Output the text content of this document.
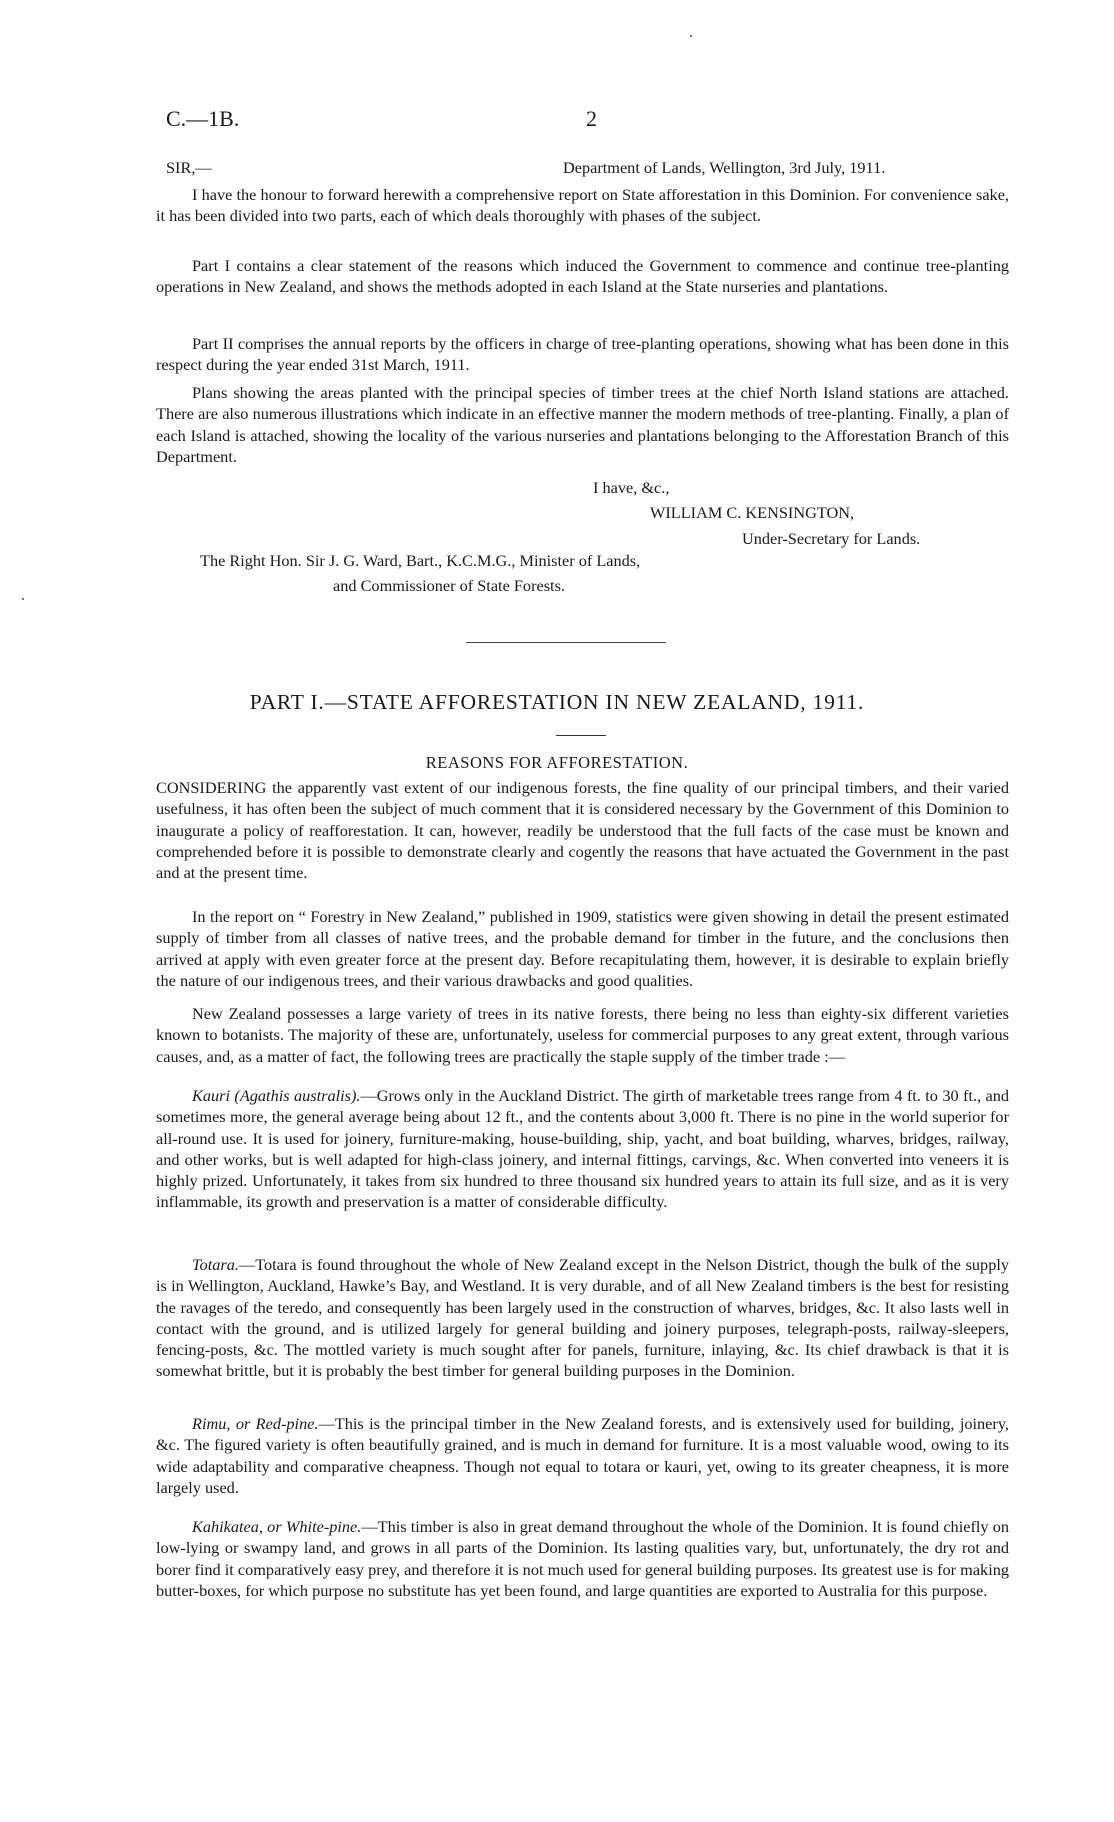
C.—1B.	2
SIR,—	Department of Lands, Wellington, 3rd July, 1911.

I have the honour to forward herewith a comprehensive report on State afforestation in this Dominion. For convenience sake, it has been divided into two parts, each of which deals thoroughly with phases of the subject.

Part I contains a clear statement of the reasons which induced the Government to commence and continue tree-planting operations in New Zealand, and shows the methods adopted in each Island at the State nurseries and plantations.

Part II comprises the annual reports by the officers in charge of tree-planting operations, showing what has been done in this respect during the year ended 31st March, 1911.

Plans showing the areas planted with the principal species of timber trees at the chief North Island stations are attached. There are also numerous illustrations which indicate in an effective manner the modern methods of tree-planting. Finally, a plan of each Island is attached, showing the locality of the various nurseries and plantations belonging to the Afforestation Branch of this Department.

I have, &c.,
WILLIAM C. KENSINGTON,
Under-Secretary for Lands.
The Right Hon. Sir J. G. Ward, Bart., K.C.M.G., Minister of Lands,
and Commissioner of State Forests.
PART I.—STATE AFFORESTATION IN NEW ZEALAND, 1911.
REASONS FOR AFFORESTATION.

CONSIDERING the apparently vast extent of our indigenous forests, the fine quality of our principal timbers, and their varied usefulness, it has often been the subject of much comment that it is considered necessary by the Government of this Dominion to inaugurate a policy of reafforestation. It can, however, readily be understood that the full facts of the case must be known and comprehended before it is possible to demonstrate clearly and cogently the reasons that have actuated the Government in the past and at the present time.

In the report on “ Forestry in New Zealand,” published in 1909, statistics were given showing in detail the present estimated supply of timber from all classes of native trees, and the probable demand for timber in the future, and the conclusions then arrived at apply with even greater force at the present day. Before recapitulating them, however, it is desirable to explain briefly the nature of our indigenous trees, and their various drawbacks and good qualities.

New Zealand possesses a large variety of trees in its native forests, there being no less than eighty-six different varieties known to botanists. The majority of these are, unfortunately, useless for commercial purposes to any great extent, through various causes, and, as a matter of fact, the following trees are practically the staple supply of the timber trade :—

Kauri (Agathis australis).—Grows only in the Auckland District. The girth of marketable trees range from 4 ft. to 30 ft., and sometimes more, the general average being about 12 ft., and the contents about 3,000 ft. There is no pine in the world superior for all-round use. It is used for joinery, furniture-making, house-building, ship, yacht, and boat building, wharves, bridges, railway, and other works, but is well adapted for high-class joinery, and internal fittings, carvings, &c. When converted into veneers it is highly prized. Unfortunately, it takes from six hundred to three thousand six hundred years to attain its full size, and as it is very inflammable, its growth and preservation is a matter of considerable difficulty.

Totara.—Totara is found throughout the whole of New Zealand except in the Nelson District, though the bulk of the supply is in Wellington, Auckland, Hawke’s Bay, and Westland. It is very durable, and of all New Zealand timbers is the best for resisting the ravages of the teredo, and consequently has been largely used in the construction of wharves, bridges, &c. It also lasts well in contact with the ground, and is utilized largely for general building and joinery purposes, telegraph-posts, railway-sleepers, fencing-posts, &c. The mottled variety is much sought after for panels, furniture, inlaying, &c. Its chief drawback is that it is somewhat brittle, but it is probably the best timber for general building purposes in the Dominion.

Rimu, or Red-pine.—This is the principal timber in the New Zealand forests, and is extensively used for building, joinery, &c. The figured variety is often beautifully grained, and is much in demand for furniture. It is a most valuable wood, owing to its wide adaptability and comparative cheapness. Though not equal to totara or kauri, yet, owing to its greater cheapness, it is more largely used.

Kahikatea, or White-pine.—This timber is also in great demand throughout the whole of the Dominion. It is found chiefly on low-lying or swampy land, and grows in all parts of the Dominion. Its lasting qualities vary, but, unfortunately, the dry rot and borer find it comparatively easy prey, and therefore it is not much used for general building purposes. Its greatest use is for making butter-boxes, for which purpose no substitute has yet been found, and large quantities are exported to Australia for this purpose.
